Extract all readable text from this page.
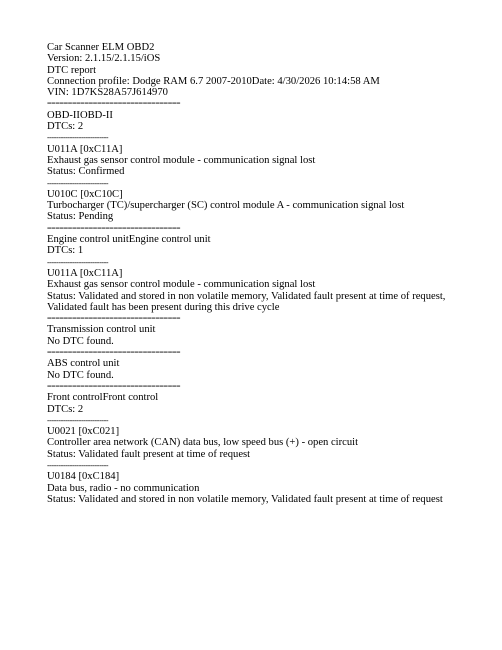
Car Scanner ELM OBD2
Version: 2.1.15/2.1.15/iOS
DTC report
Connection profile: Dodge RAM 6.7 2007-2010Date: 4/30/2026 10:14:58 AM
VIN: 1D7KS28A57J614970
================================
OBD-IIOBD-II
DTCs: 2
---------------------------
U011A [0xC11A]
Exhaust gas sensor control module - communication signal lost
Status: Confirmed
---------------------------
U010C [0xC10C]
Turbocharger (TC)/supercharger (SC) control module A - communication signal lost
Status: Pending
================================
Engine control unitEngine control unit
DTCs: 1
---------------------------
U011A [0xC11A]
Exhaust gas sensor control module - communication signal lost
Status: Validated and stored in non volatile memory, Validated fault present at time of request, Validated fault has been present during this drive cycle
================================
Transmission control unit
No DTC found.
================================
ABS control unit
No DTC found.
================================
Front controlFront control
DTCs: 2
---------------------------
U0021 [0xC021]
Controller area network (CAN) data bus, low speed bus (+) - open circuit
Status: Validated fault present at time of request
---------------------------
U0184 [0xC184]
Data bus, radio - no communication
Status: Validated and stored in non volatile memory, Validated fault present at time of request
